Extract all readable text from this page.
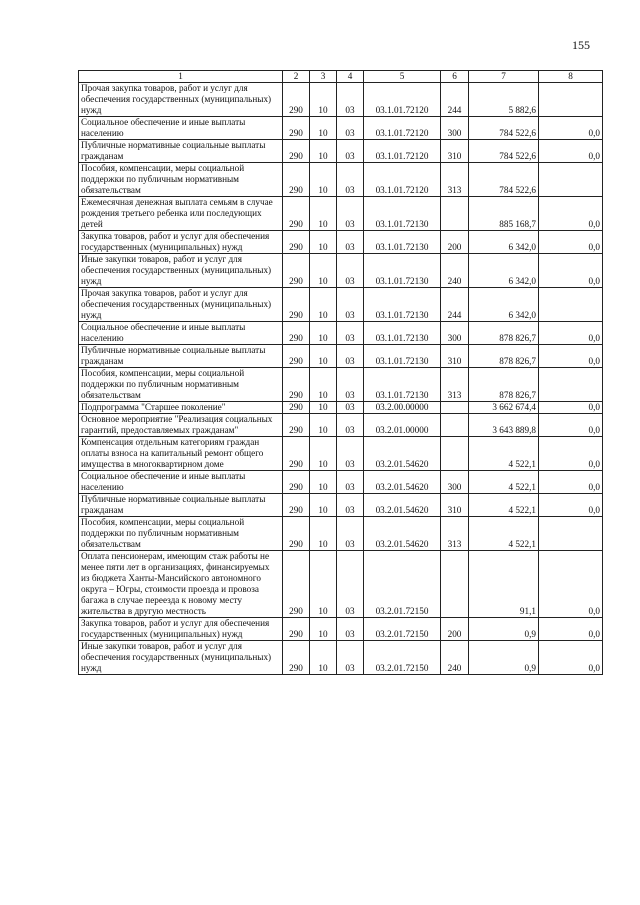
155
1	2	3	4	5	6	7	8
Прочая закупка товаров, работ и услуг для обеспечения государственных (муниципальных) нужд	290	10	03	03.1.01.72120	244	5 882,6	
Социальное обеспечение и иные выплаты населению	290	10	03	03.1.01.72120	300	784 522,6	0,0
Публичные нормативные социальные выплаты гражданам	290	10	03	03.1.01.72120	310	784 522,6	0,0
Пособия, компенсации, меры социальной поддержки по публичным нормативным обязательствам	290	10	03	03.1.01.72120	313	784 522,6	
Ежемесячная денежная выплата семьям в случае рождения третьего ребенка или последующих детей	290	10	03	03.1.01.72130		885 168,7	0,0
Закупка товаров, работ и услуг для обеспечения государственных (муниципальных) нужд	290	10	03	03.1.01.72130	200	6 342,0	0,0
Иные закупки товаров, работ и услуг для обеспечения государственных (муниципальных) нужд	290	10	03	03.1.01.72130	240	6 342,0	0,0
Прочая закупка товаров, работ и услуг для обеспечения государственных (муниципальных) нужд	290	10	03	03.1.01.72130	244	6 342,0	
Социальное обеспечение и иные выплаты населению	290	10	03	03.1.01.72130	300	878 826,7	0,0
Публичные нормативные социальные выплаты гражданам	290	10	03	03.1.01.72130	310	878 826,7	0,0
Пособия, компенсации, меры социальной поддержки по публичным нормативным обязательствам	290	10	03	03.1.01.72130	313	878 826,7	
Подпрограмма "Старшее поколение"	290	10	03	03.2.00.00000		3 662 674,4	0,0
Основное мероприятие "Реализация социальных гарантий, предоставляемых гражданам"	290	10	03	03.2.01.00000		3 643 889,8	0,0
Компенсация отдельным категориям граждан оплаты взноса на капитальный ремонт общего имущества в многоквартирном доме	290	10	03	03.2.01.54620		4 522,1	0,0
Социальное обеспечение и иные выплаты населению	290	10	03	03.2.01.54620	300	4 522,1	0,0
Публичные нормативные социальные выплаты гражданам	290	10	03	03.2.01.54620	310	4 522,1	0,0
Пособия, компенсации, меры социальной поддержки по публичным нормативным обязательствам	290	10	03	03.2.01.54620	313	4 522,1	
Оплата пенсионерам, имеющим стаж работы не менее пяти лет в организациях, финансируемых из бюджета Ханты-Мансийского автономного округа – Югры, стоимости проезда и провоза багажа в случае переезда к новому месту жительства в другую местность	290	10	03	03.2.01.72150		91,1	0,0
Закупка товаров, работ и услуг для обеспечения государственных (муниципальных) нужд	290	10	03	03.2.01.72150	200	0,9	0,0
Иные закупки товаров, работ и услуг для обеспечения государственных (муниципальных) нужд	290	10	03	03.2.01.72150	240	0,9	0,0
